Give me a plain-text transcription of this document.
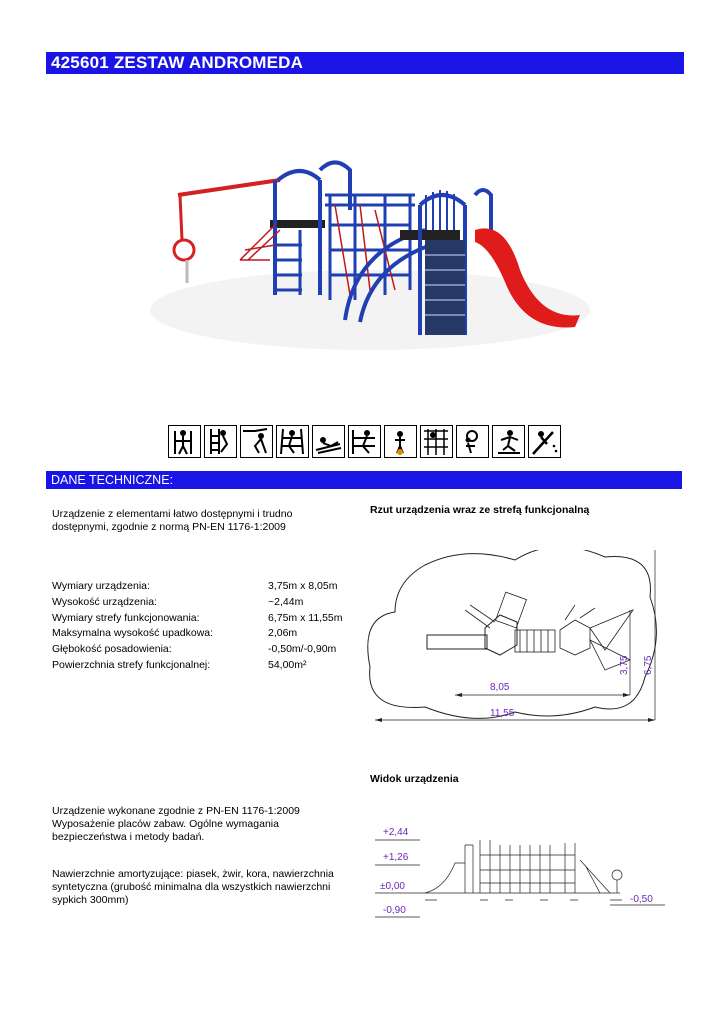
425601 ZESTAW ANDROMEDA
DANE TECHNICZNE:
Urządzenie z elementami łatwo dostępnymi i trudno dostępnymi, zgodnie z normą PN-EN 1176-1:2009
Wymiary urządzenia:	3,75m x 8,05m
Wysokość urządzenia:	~2,44m
Wymiary strefy funkcjonowania:	6,75m x 11,55m
Maksymalna wysokość upadkowa:	2,06m
Głębokość posadowienia:	-0,50m/-0,90m
Powierzchnia strefy funkcjonalnej:	54,00m²
Urządzenie wykonane zgodnie z PN-EN 1176-1:2009 Wyposażenie placów zabaw. Ogólne wymagania bezpieczeństwa i metody badań.
Nawierzchnie amortyzujące: piasek, żwir, kora, nawierzchnia syntetyczna (grubość minimalna dla wszystkich nawierzchni sypkich 300mm)
Rzut urządzenia wraz ze strefą funkcjonalną
8,05
11,55
3,75 6,75
Widok urządzenia
+2,44
+1,26
±0,00
-0,90
-0,50
